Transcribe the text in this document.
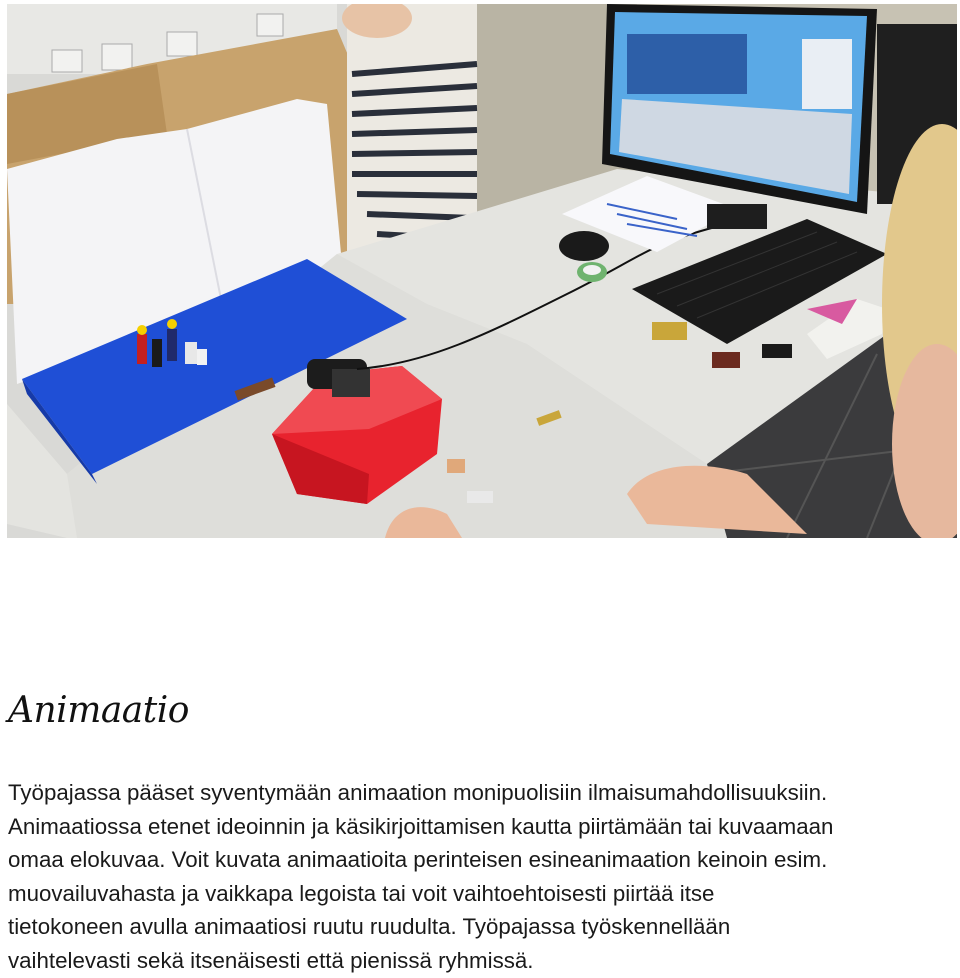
Animaatio

Työpajassa pääset syventymään animaation monipuolisiin ilmaisumahdollisuuksiin.
Animaatiossa etenet ideoinnin ja käsikirjoittamisen kautta piirtämään tai kuvaamaan
omaa elokuvaa. Voit kuvata animaatioita perinteisen esineanimaation keinoin esim.
muovailuvahasta ja vaikkapa legoista tai voit vaihtoehtoisesti piirtää itse
tietokoneen avulla animaatiosi ruutu ruudulta. Työpajassa työskennellään
vaihtelevasti sekä itsenäisesti että pienissä ryhmissä.
